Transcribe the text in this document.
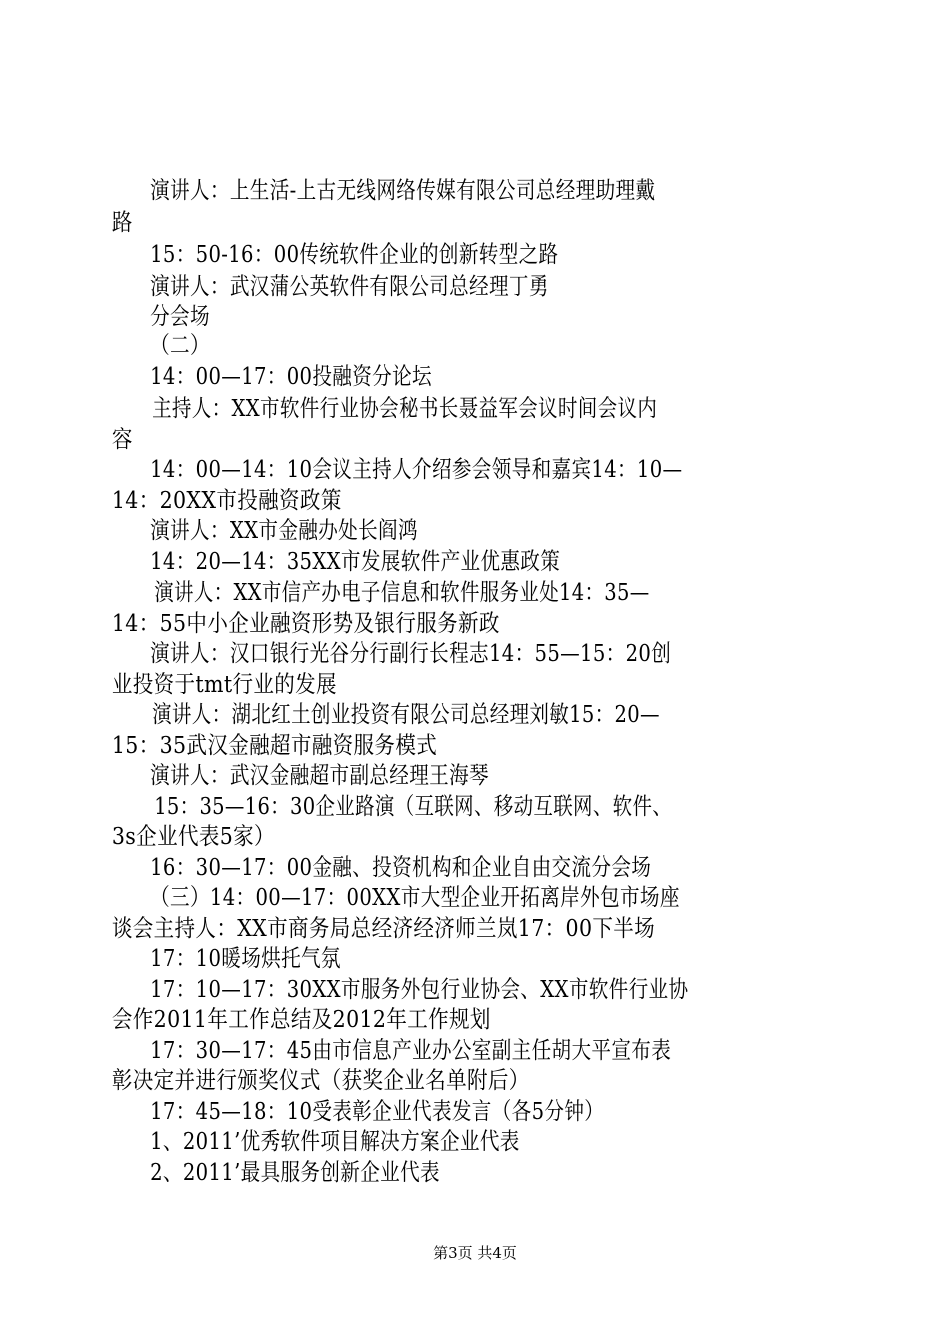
演讲人：上生活-上古无线网络传媒有限公司总经理助理戴
路
15：50-16：00传统软件企业的创新转型之路
演讲人：武汉蒲公英软件有限公司总经理丁勇
分会场
（二）
14：00—17：00投融资分论坛
主持人：XX市软件行业协会秘书长聂益军会议时间会议内
容
14：00—14：10会议主持人介绍参会领导和嘉宾14：10—
14：20XX市投融资政策
演讲人：XX市金融办处长阎鸿
14：20—14：35XX市发展软件产业优惠政策
演讲人：XX市信产办电子信息和软件服务业处14：35—
14：55中小企业融资形势及银行服务新政
演讲人：汉口银行光谷分行副行长程志14：55—15：20创
业投资于tmt行业的发展
演讲人：湖北红土创业投资有限公司总经理刘敏15：20—
15：35武汉金融超市融资服务模式
演讲人：武汉金融超市副总经理王海琴
15：35—16：30企业路演（互联网、移动互联网、软件、
3s企业代表5家）
16：30—17：00金融、投资机构和企业自由交流分会场
（三）14：00—17：00XX市大型企业开拓离岸外包市场座
谈会主持人：XX市商务局总经济经济师兰岚17：00下半场
17：10暖场烘托气氛
17：10—17：30XX市服务外包行业协会、XX市软件行业协
会作2011年工作总结及2012年工作规划
17：30—17：45由市信息产业办公室副主任胡大平宣布表
彰决定并进行颁奖仪式（获奖企业名单附后）
17：45—18：10受表彰企业代表发言（各5分钟）
1、2011’优秀软件项目解决方案企业代表
2、2011’最具服务创新企业代表
第3页 共4页
